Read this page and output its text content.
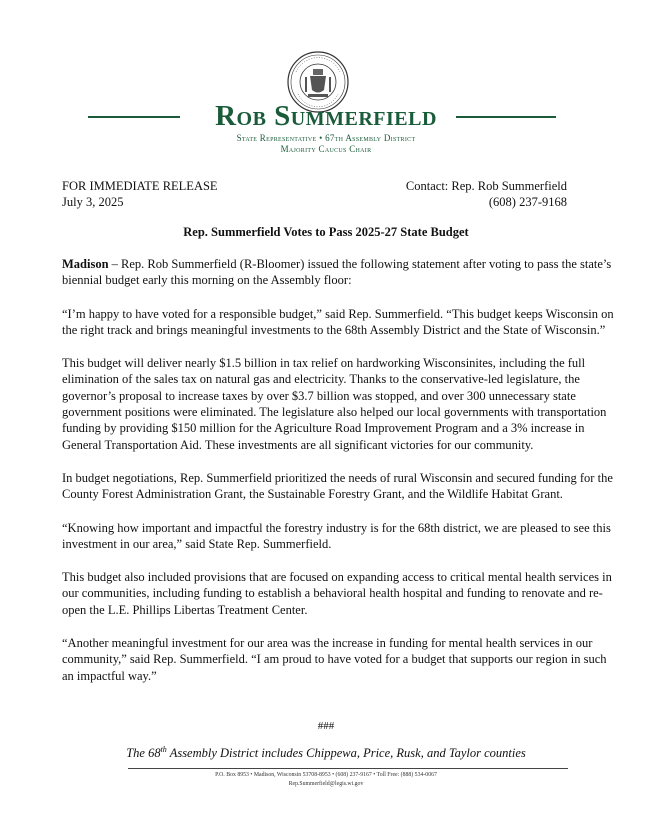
Rob Summerfield
State Representative • 67th Assembly District
Majority Caucus Chair
FOR IMMEDIATE RELEASE
July 3, 2025
Contact: Rep. Rob Summerfield
(608) 237-9168
Rep. Summerfield Votes to Pass 2025-27 State Budget

Madison – Rep. Rob Summerfield (R-Bloomer) issued the following statement after voting to pass the state’s biennial budget early this morning on the Assembly floor:

“I’m happy to have voted for a responsible budget,” said Rep. Summerfield. “This budget keeps Wisconsin on the right track and brings meaningful investments to the 68th Assembly District and the State of Wisconsin.”

This budget will deliver nearly $1.5 billion in tax relief on hardworking Wisconsinites, including the full elimination of the sales tax on natural gas and electricity. Thanks to the conservative-led legislature, the governor’s proposal to increase taxes by over $3.7 billion was stopped, and over 300 unnecessary state government positions were eliminated. The legislature also helped our local governments with transportation funding by providing $150 million for the Agriculture Road Improvement Program and a 3% increase in General Transportation Aid. These investments are all significant victories for our community.

In budget negotiations, Rep. Summerfield prioritized the needs of rural Wisconsin and secured funding for the County Forest Administration Grant, the Sustainable Forestry Grant, and the Wildlife Habitat Grant.

“Knowing how important and impactful the forestry industry is for the 68th district, we are pleased to see this investment in our area,” said State Rep. Summerfield.

This budget also included provisions that are focused on expanding access to critical mental health services in our communities, including funding to establish a behavioral health hospital and funding to renovate and re-open the L.E. Phillips Libertas Treatment Center.

“Another meaningful investment for our area was the increase in funding for mental health services in our community,” said Rep. Summerfield. “I am proud to have voted for a budget that supports our region in such an impactful way.”

###
The 68th Assembly District includes Chippewa, Price, Rusk, and Taylor counties
P.O. Box 8953 • Madison, Wisconsin 53708-8953 • (608) 237-9167 • Toll Free: (888) 534-0067
Rep.Summerfield@legis.wi.gov
